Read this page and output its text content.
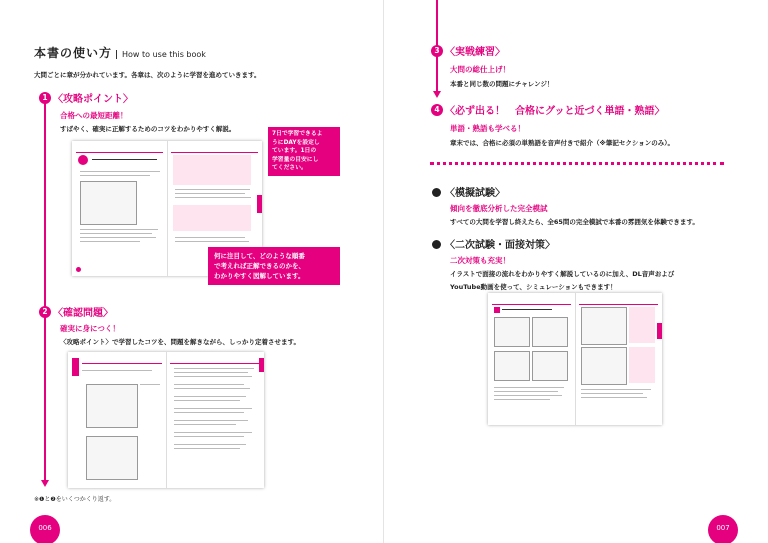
本書の使い方 How to use this book
大問ごとに章が分かれています。各章は、次のように学習を進めていきます。
1 〈攻略ポイント〉
合格への最短距離！
すばやく、確実に正解するためのコツをわかりやすく解説。
7日で学習できるよ
うにDAYを設定し
ています。1日の
学習量の目安にし
てください。
何に注目して、どのような順番
で考えれば正解できるのかを、
わかりやすく図解しています。
2 〈確認問題〉
確実に身につく！
〈攻略ポイント〉で学習したコツを、問題を解きながら、しっかり定着させます。
※❶と❷をいくつかくり返す。
006
3 〈実戦練習〉
大問の総仕上げ！
本番と同じ数の問題にチャレンジ！
4 〈必ず出る！　合格にグッと近づく単語・熟語〉
単語・熟語も学べる！
章末では、合格に必須の単熟語を音声付きで紹介（※筆記セクションのみ）。
〈模擬試験〉
傾向を徹底分析した完全模試
すべての大問を学習し終えたら、全65問の完全模試で本番の雰囲気を体験できます。
〈二次試験・面接対策〉
二次対策も充実！
イラストで面接の流れをわかりやすく解説しているのに加え、DL音声および
YouTube動画を使って、シミュレーションもできます！
007
